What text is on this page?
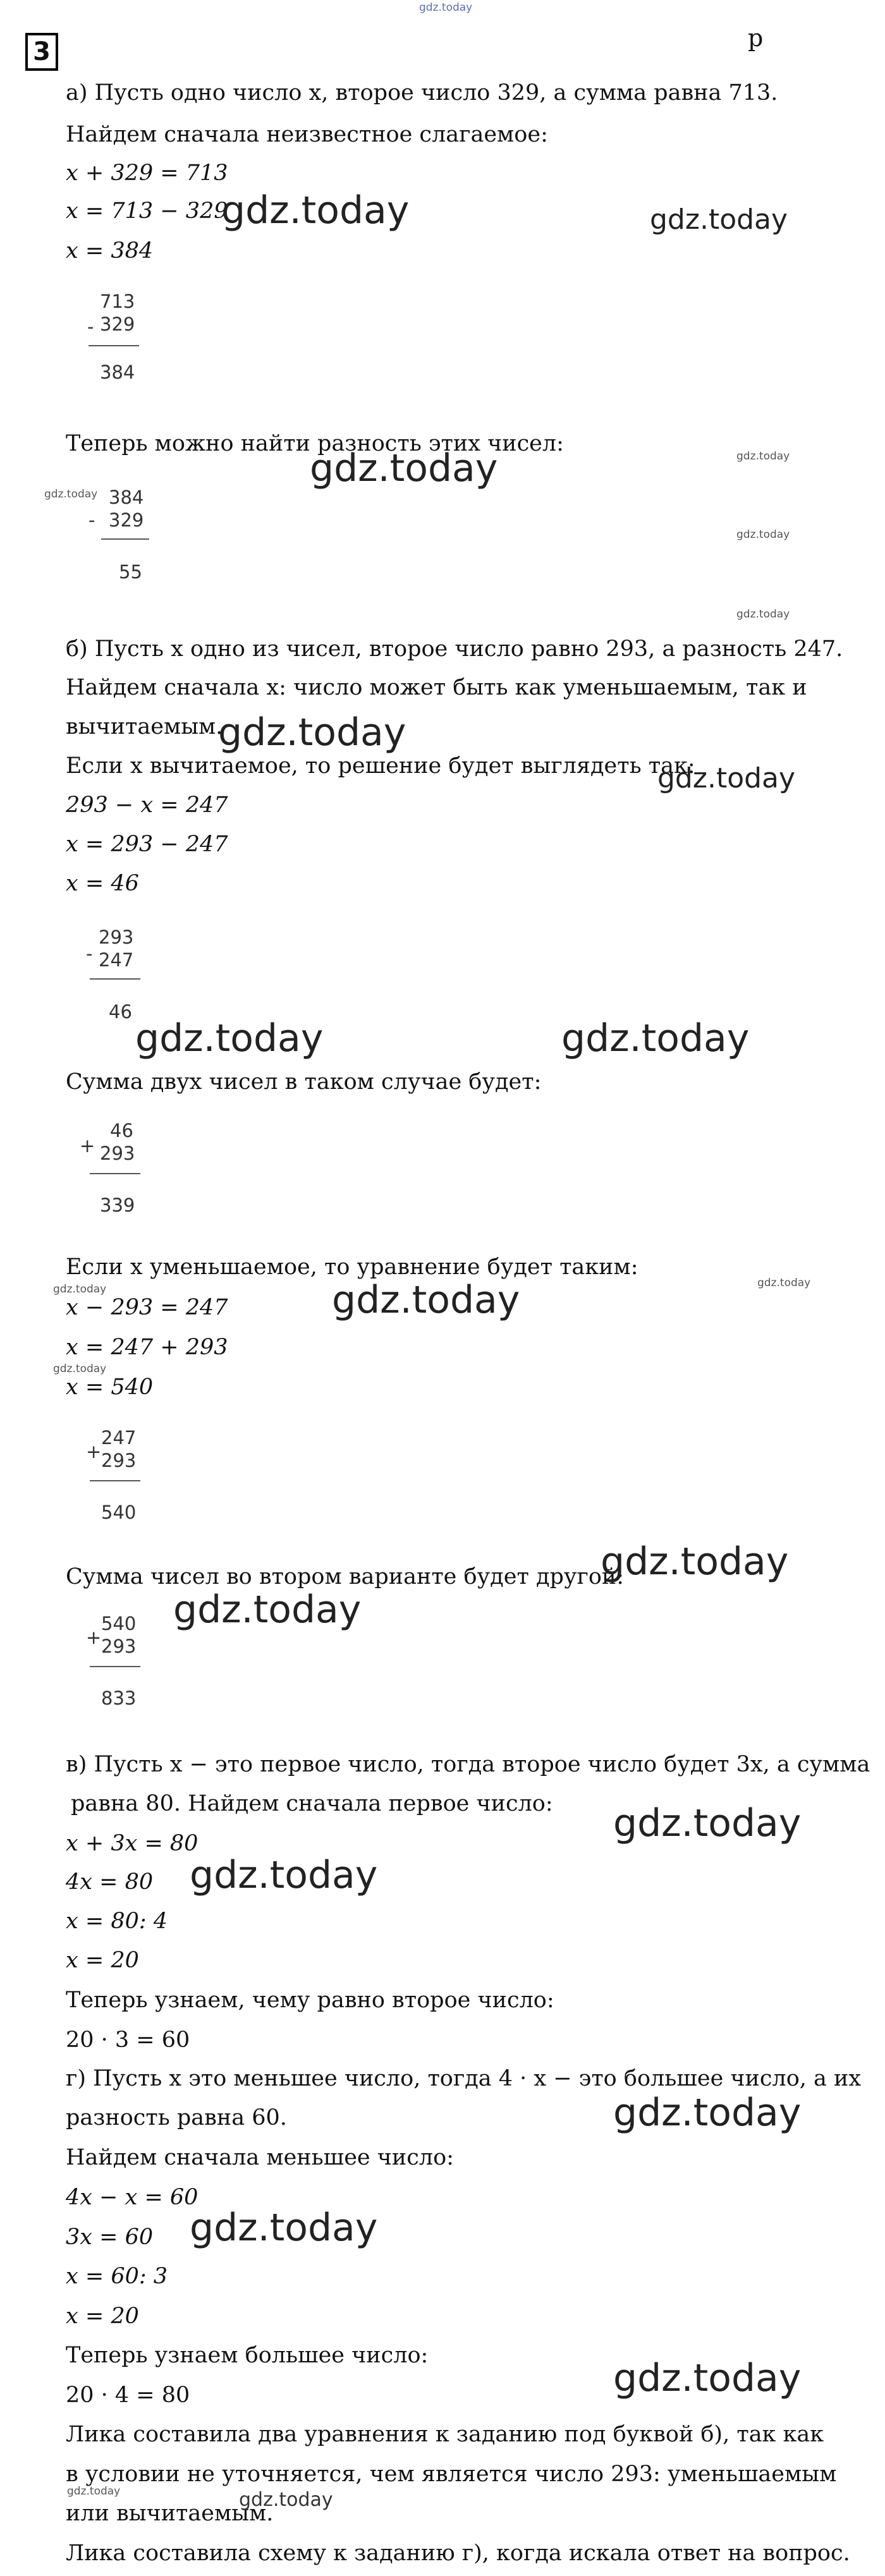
gdz.today
3	p
а) Пусть одно число x, второе число 329, а сумма равна 713.
Найдем сначала неизвестное слагаемое:
x + 329 = 713
x = 713 − 329
x = 384
-
713
329
384
Теперь можно найти разность этих чисел:
-
384
329
55
б) Пусть х одно из чисел, второе число равно 293, а разность 247.
Найдем сначала x: число может быть как уменьшаемым, так и
вычитаемым.
Если x вычитаемое, то решение будет выглядеть так:
293 − x = 247
x = 293 − 247
x = 46
-
293
247
46
Сумма двух чисел в таком случае будет:
+
46
293
339
Если x уменьшаемое, то уравнение будет таким:
x − 293 = 247
x = 247 + 293
x = 540
+
247
293
540
Сумма чисел во втором варианте будет другой:
+
540
293
833
в) Пусть x − это первое число, тогда второе число будет 3x, а сумма
равна 80. Найдем сначала первое число:
x + 3x = 80
4x = 80
x = 80: 4
x = 20
Теперь узнаем, чему равно второе число:
20 · 3 = 60
г) Пусть x это меньшее число, тогда 4 · x − это большее число, а их
разность равна 60.
Найдем сначала меньшее число:
4x − x = 60
3x = 60
x = 60: 3
x = 20
Теперь узнаем большее число:
20 · 4 = 80
Лика составила два уравнения к заданию под буквой б), так как
в условии не уточняется, чем является число 293: уменьшаемым
или вычитаемым.
Лика составила схему к заданию г), когда искала ответ на вопрос.
gdz.today	gdz.today
gdz.today	gdz.today
gdz.today
gdz.today
gdz.today
gdz.today
gdz.today
gdz.today	gdz.today
gdz.today
gdz.today	gdz.today
gdz.today
gdz.today
gdz.today
gdz.today
gdz.today
gdz.today
gdz.today
gdz.today
gdz.today	gdz.today
